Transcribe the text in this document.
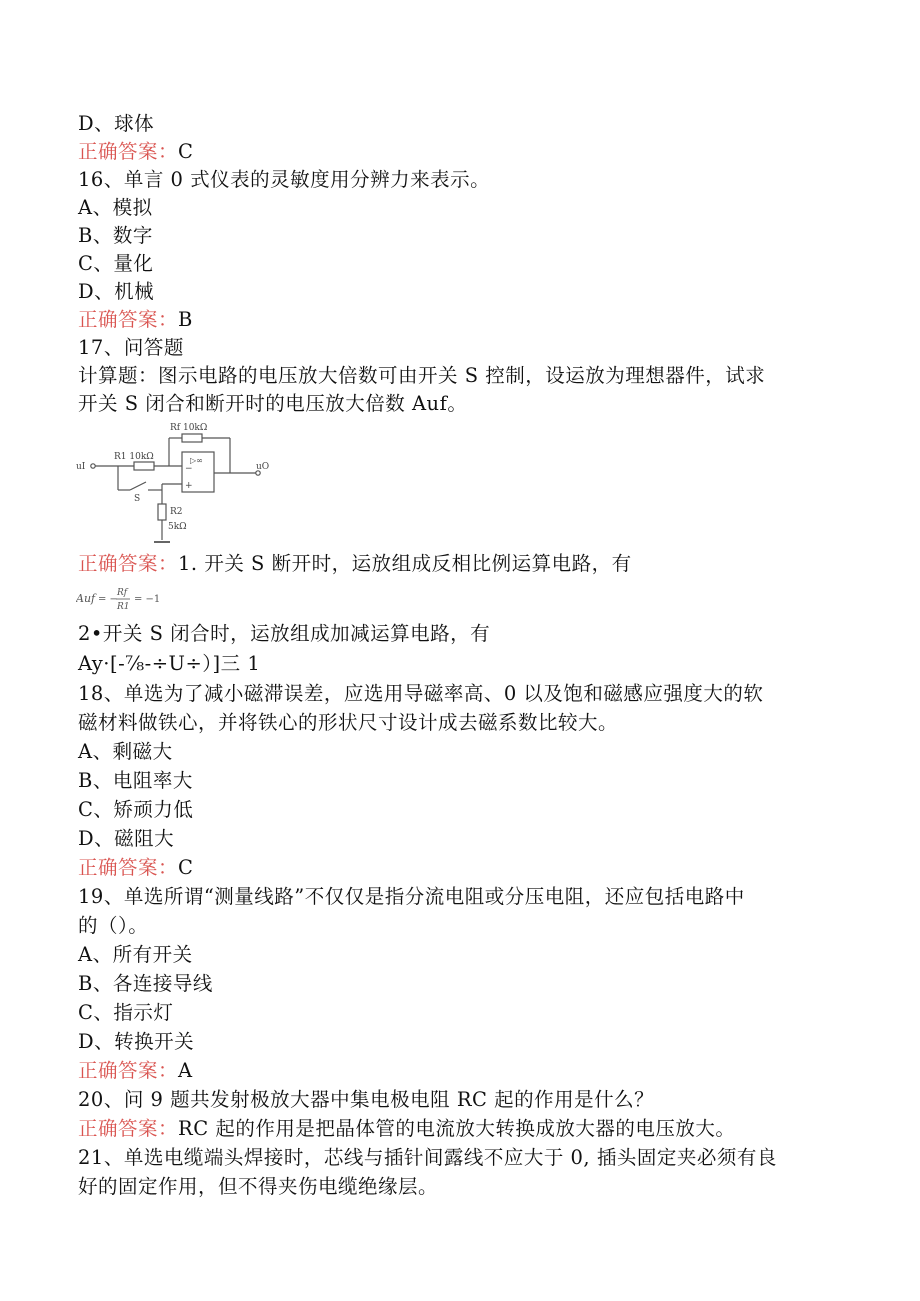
D、球体
正确答案：C
16、单言 0 式仪表的灵敏度用分辨力来表示。
A、模拟
B、数字
C、量化
D、机械
正确答案：B
17、问答题
计算题：图示电路的电压放大倍数可由开关 S 控制，设运放为理想器件，试求
开关 S 闭合和断开时的电压放大倍数 Auf。
Rf 10kΩ
R1 10kΩ
R2
5kΩ
uI	uO
S
▷∞
−
+
正确答案：1. 开关 S 断开时，运放组成反相比例运算电路，有
Auf = −
Rf
R1
= −1
2•开关 S 闭合时，运放组成加减运算电路，有
Ay·[-⅞-÷U÷）]三 1
18、单选为了减小磁滞误差，应选用导磁率高、0 以及饱和磁感应强度大的软
磁材料做铁心，并将铁心的形状尺寸设计成去磁系数比较大。
A、剩磁大
B、电阻率大
C、矫顽力低
D、磁阻大
正确答案：C
19、单选所谓“测量线路”不仅仅是指分流电阻或分压电阻，还应包括电路中
的（）。
A、所有开关
B、各连接导线
C、指示灯
D、转换开关
正确答案：A
20、问 9 题共发射极放大器中集电极电阻 RC 起的作用是什么？
正确答案：RC 起的作用是把晶体管的电流放大转换成放大器的电压放大。
21、单选电缆端头焊接时，芯线与插针间露线不应大于 0, 插头固定夹必须有良
好的固定作用，但不得夹伤电缆绝缘层。
